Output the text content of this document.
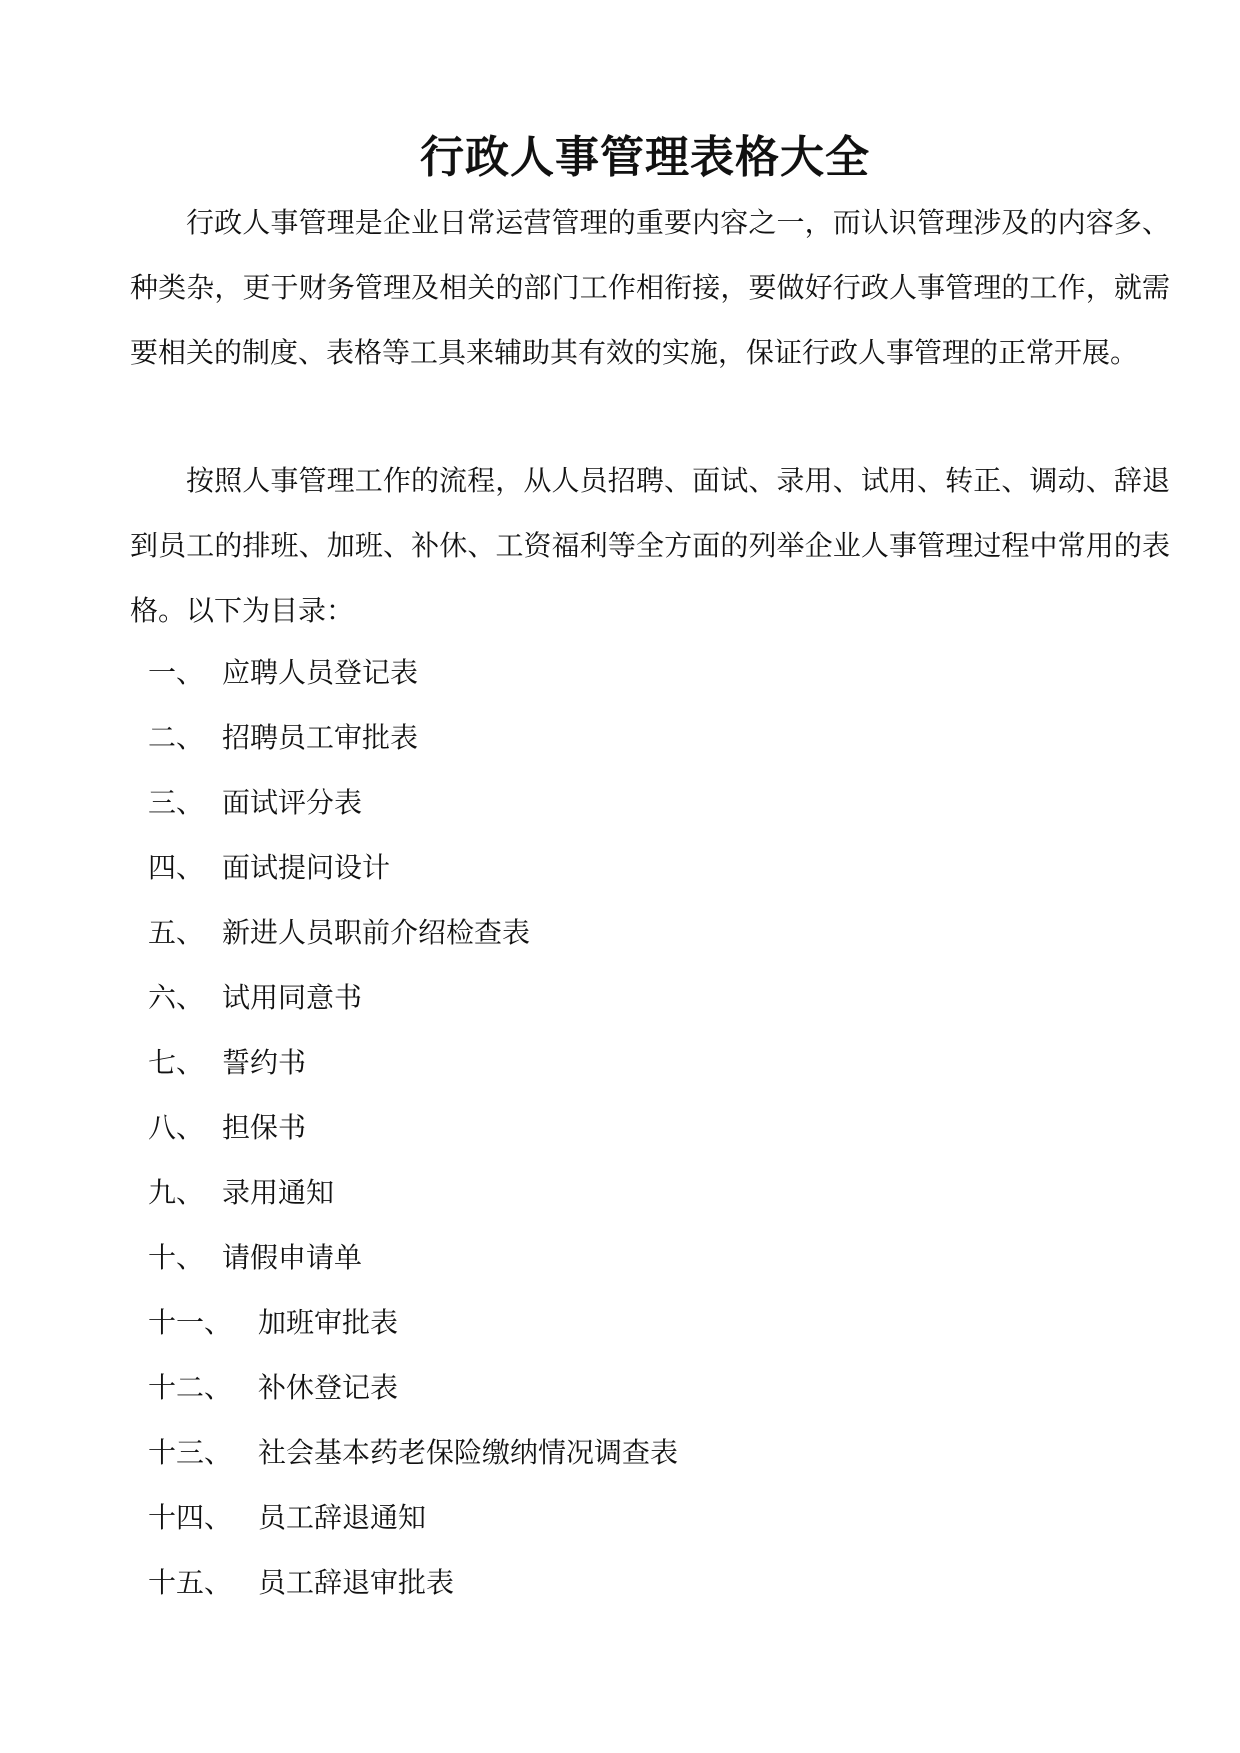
行政人事管理表格大全

行政人事管理是企业日常运营管理的重要内容之一，而认识管理涉及的内容多、种类杂，更于财务管理及相关的部门工作相衔接，要做好行政人事管理的工作，就需要相关的制度、表格等工具来辅助其有效的实施，保证行政人事管理的正常开展。

按照人事管理工作的流程，从人员招聘、面试、录用、试用、转正、调动、辞退到员工的排班、加班、补休、工资福利等全方面的列举企业人事管理过程中常用的表格。以下为目录：

一、 应聘人员登记表
二、 招聘员工审批表
三、 面试评分表
四、 面试提问设计
五、 新进人员职前介绍检查表
六、 试用同意书
七、 誓约书
八、 担保书
九、 录用通知
十、 请假申请单
十一、 加班审批表
十二、 补休登记表
十三、 社会基本药老保险缴纳情况调查表
十四、 员工辞退通知
十五、 员工辞退审批表
